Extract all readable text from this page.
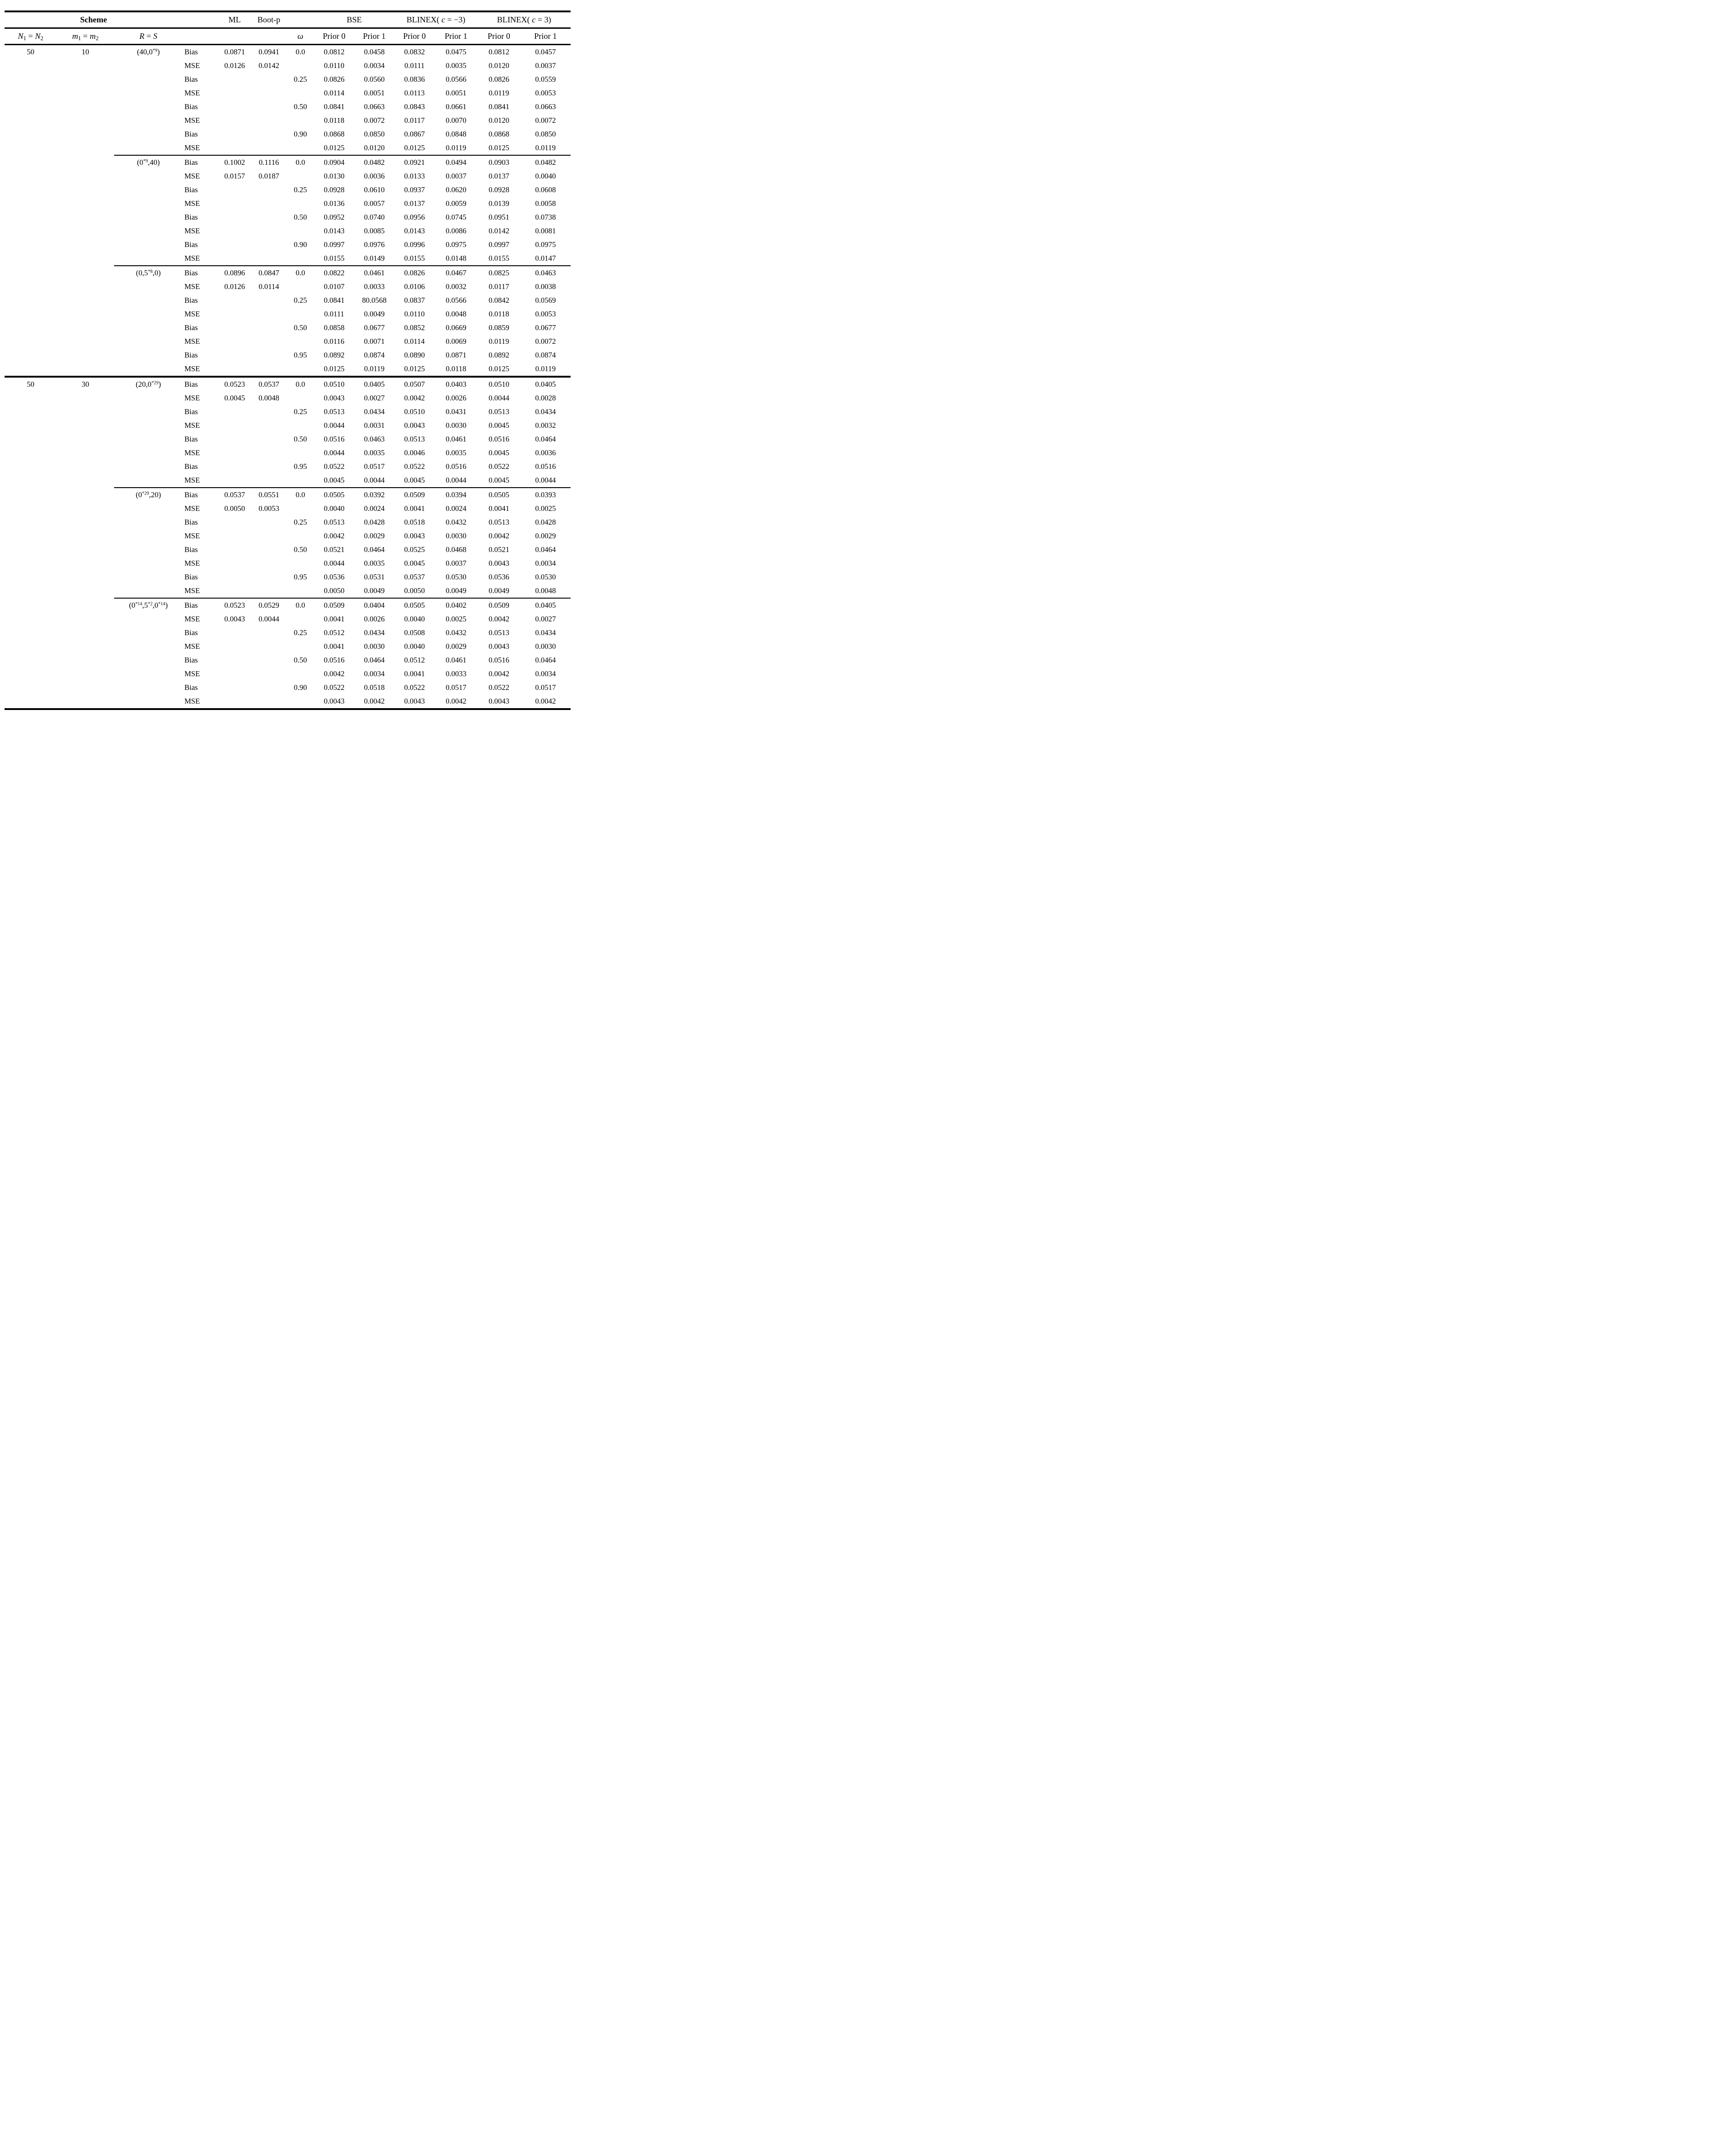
Scheme				ML	Boot-p		BSE		BLINEX( c = −3)		BLINEX( c = 3)	
$N_1 = N_2$	$m_1 = m_2$	R = S				ω	Prior 0	Prior 1	Prior 0	Prior 1	Prior 0	Prior 1
50	10	(40,0$^{*9}$)	Bias	0.0871	0.0941	0.0	0.0812	0.0458	0.0832	0.0475	0.0812	0.0457
			MSE	0.0126	0.0142		0.0110	0.0034	0.0111	0.0035	0.0120	0.0037
			Bias			0.25	0.0826	0.0560	0.0836	0.0566	0.0826	0.0559
			MSE				0.0114	0.0051	0.0113	0.0051	0.0119	0.0053
			Bias			0.50	0.0841	0.0663	0.0843	0.0661	0.0841	0.0663
			MSE				0.0118	0.0072	0.0117	0.0070	0.0120	0.0072
			Bias			0.90	0.0868	0.0850	0.0867	0.0848	0.0868	0.0850
			MSE				0.0125	0.0120	0.0125	0.0119	0.0125	0.0119
		(0$^{*9}$,40)	Bias	0.1002	0.1116	0.0	0.0904	0.0482	0.0921	0.0494	0.0903	0.0482
			MSE	0.0157	0.0187		0.0130	0.0036	0.0133	0.0037	0.0137	0.0040
			Bias			0.25	0.0928	0.0610	0.0937	0.0620	0.0928	0.0608
			MSE				0.0136	0.0057	0.0137	0.0059	0.0139	0.0058
			Bias			0.50	0.0952	0.0740	0.0956	0.0745	0.0951	0.0738
			MSE				0.0143	0.0085	0.0143	0.0086	0.0142	0.0081
			Bias			0.90	0.0997	0.0976	0.0996	0.0975	0.0997	0.0975
			MSE				0.0155	0.0149	0.0155	0.0148	0.0155	0.0147
		(0,5$^{*8}$,0)	Bias	0.0896	0.0847	0.0	0.0822	0.0461	0.0826	0.0467	0.0825	0.0463
			MSE	0.0126	0.0114		0.0107	0.0033	0.0106	0.0032	0.0117	0.0038
			Bias			0.25	0.0841	80.0568	0.0837	0.0566	0.0842	0.0569
			MSE				0.0111	0.0049	0.0110	0.0048	0.0118	0.0053
			Bias			0.50	0.0858	0.0677	0.0852	0.0669	0.0859	0.0677
			MSE				0.0116	0.0071	0.0114	0.0069	0.0119	0.0072
			Bias			0.95	0.0892	0.0874	0.0890	0.0871	0.0892	0.0874
			MSE				0.0125	0.0119	0.0125	0.0118	0.0125	0.0119
50	30	(20,0$^{*29}$)	Bias	0.0523	0.0537	0.0	0.0510	0.0405	0.0507	0.0403	0.0510	0.0405
			MSE	0.0045	0.0048		0.0043	0.0027	0.0042	0.0026	0.0044	0.0028
			Bias			0.25	0.0513	0.0434	0.0510	0.0431	0.0513	0.0434
			MSE				0.0044	0.0031	0.0043	0.0030	0.0045	0.0032
			Bias			0.50	0.0516	0.0463	0.0513	0.0461	0.0516	0.0464
			MSE				0.0044	0.0035	0.0046	0.0035	0.0045	0.0036
			Bias			0.95	0.0522	0.0517	0.0522	0.0516	0.0522	0.0516
			MSE				0.0045	0.0044	0.0045	0.0044	0.0045	0.0044
		(0$^{*29}$,20)	Bias	0.0537	0.0551	0.0	0.0505	0.0392	0.0509	0.0394	0.0505	0.0393
			MSE	0.0050	0.0053		0.0040	0.0024	0.0041	0.0024	0.0041	0.0025
			Bias			0.25	0.0513	0.0428	0.0518	0.0432	0.0513	0.0428
			MSE				0.0042	0.0029	0.0043	0.0030	0.0042	0.0029
			Bias			0.50	0.0521	0.0464	0.0525	0.0468	0.0521	0.0464
			MSE				0.0044	0.0035	0.0045	0.0037	0.0043	0.0034
			Bias			0.95	0.0536	0.0531	0.0537	0.0530	0.0536	0.0530
			MSE				0.0050	0.0049	0.0050	0.0049	0.0049	0.0048
		(0$^{*14}$,5$^{*2}$,0$^{*14}$)	Bias	0.0523	0.0529	0.0	0.0509	0.0404	0.0505	0.0402	0.0509	0.0405
			MSE	0.0043	0.0044		0.0041	0.0026	0.0040	0.0025	0.0042	0.0027
			Bias			0.25	0.0512	0.0434	0.0508	0.0432	0.0513	0.0434
			MSE				0.0041	0.0030	0.0040	0.0029	0.0043	0.0030
			Bias			0.50	0.0516	0.0464	0.0512	0.0461	0.0516	0.0464
			MSE				0.0042	0.0034	0.0041	0.0033	0.0042	0.0034
			Bias			0.90	0.0522	0.0518	0.0522	0.0517	0.0522	0.0517
			MSE				0.0043	0.0042	0.0043	0.0042	0.0043	0.0042
